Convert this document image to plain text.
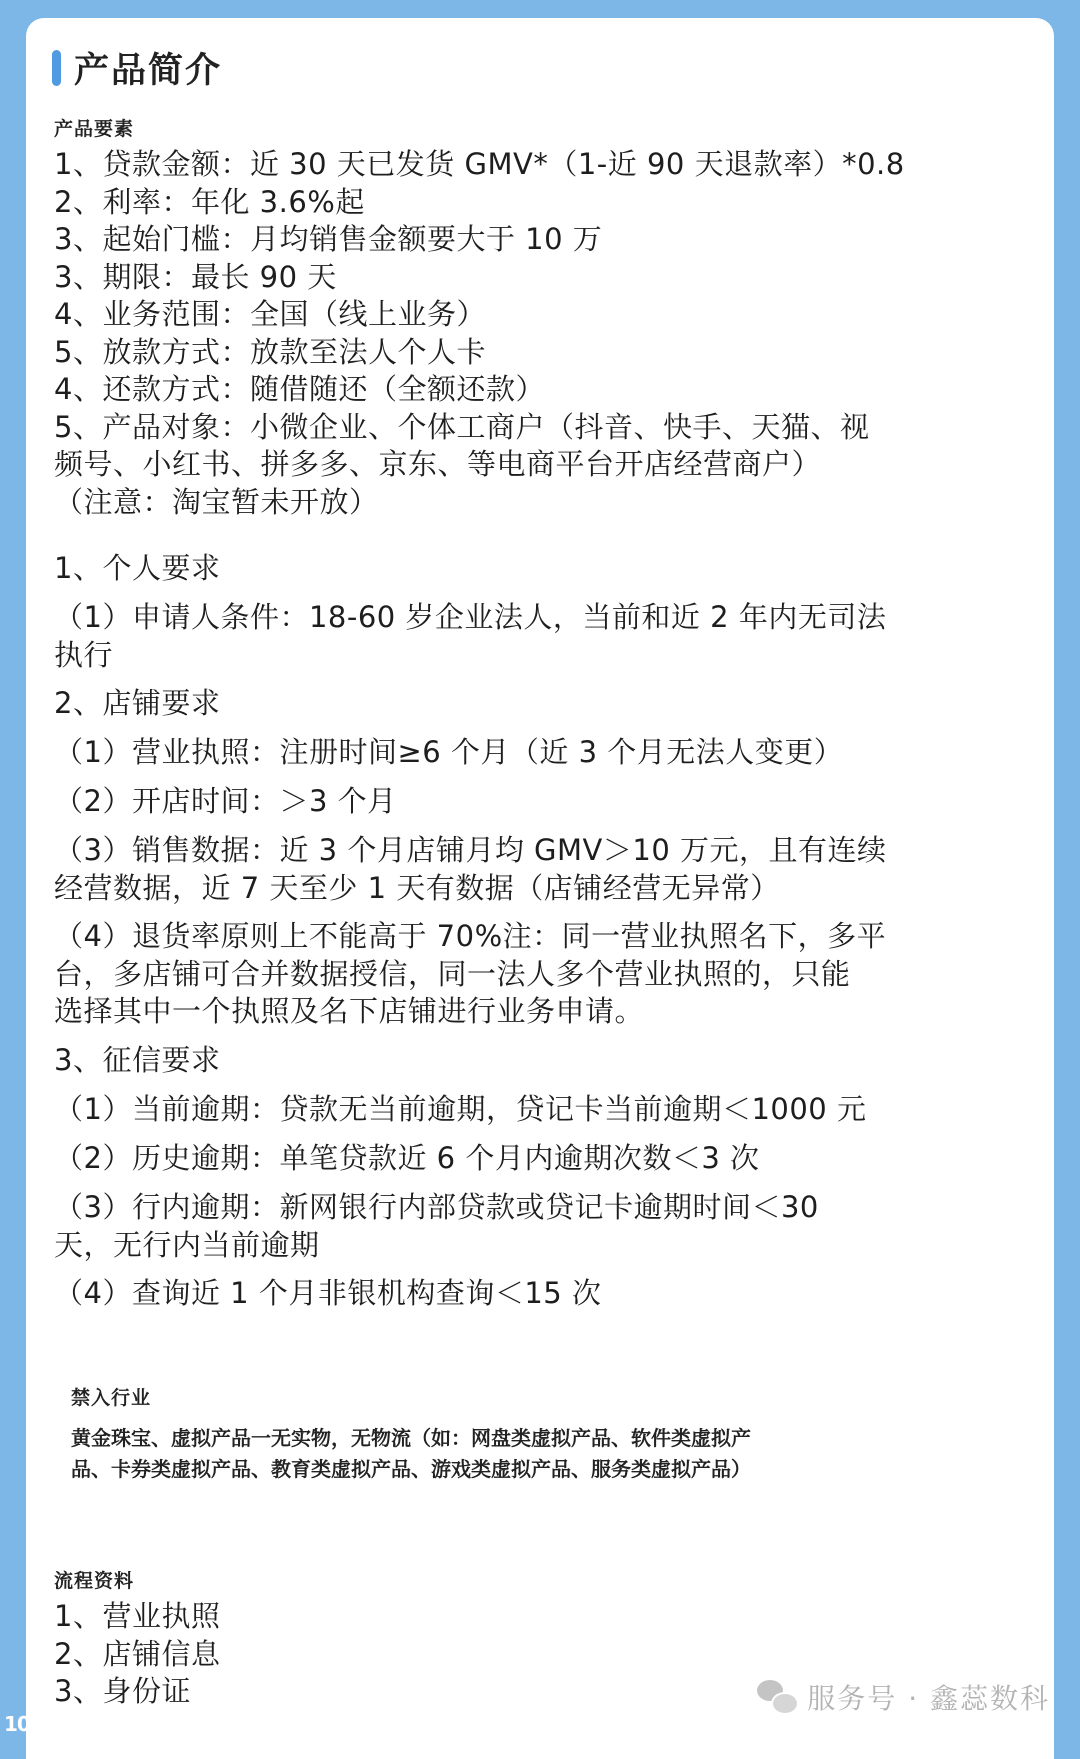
产品简介
产品要素

1、贷款金额：近 30 天已发货 GMV*（1-近 90 天退款率）*0.8

2、利率：年化 3.6%起

3、起始门槛：月均销售金额要大于 10 万

3、期限：最长 90 天

4、业务范围：全国（线上业务）

5、放款方式：放款至法人个人卡

4、还款方式：随借随还（全额还款）

5、产品对象：小微企业、个体工商户（抖音、快手、天猫、视

频号、小红书、拼多多、京东、等电商平台开店经营商户）

（注意：淘宝暂未开放）

1、个人要求

（1）申请人条件：18-60 岁企业法人，当前和近 2 年内无司法

执行

2、店铺要求

（1）营业执照：注册时间≥6 个月（近 3 个月无法人变更）

（2）开店时间：＞3 个月

（3）销售数据：近 3 个月店铺月均 GMV＞10 万元，且有连续

经营数据，近 7 天至少 1 天有数据（店铺经营无异常）

（4）退货率原则上不能高于 70%注：同一营业执照名下，多平

台，多店铺可合并数据授信，同一法人多个营业执照的，只能

选择其中一个执照及名下店铺进行业务申请。

3、征信要求

（1）当前逾期：贷款无当前逾期，贷记卡当前逾期＜1000 元

（2）历史逾期：单笔贷款近 6 个月内逾期次数＜3 次

（3）行内逾期：新网银行内部贷款或贷记卡逾期时间＜30

天，无行内当前逾期

（4）查询近 1 个月非银机构查询＜15 次

禁入行业
黄金珠宝、虚拟产品一无实物，无物流（如：网盘类虚拟产品、软件类虚拟产
品、卡券类虚拟产品、教育类虚拟产品、游戏类虚拟产品、服务类虚拟产品）
流程资料

1、营业执照

2、店铺信息

3、身份证	服务号 · 鑫蕊数科
10 大数跨境
